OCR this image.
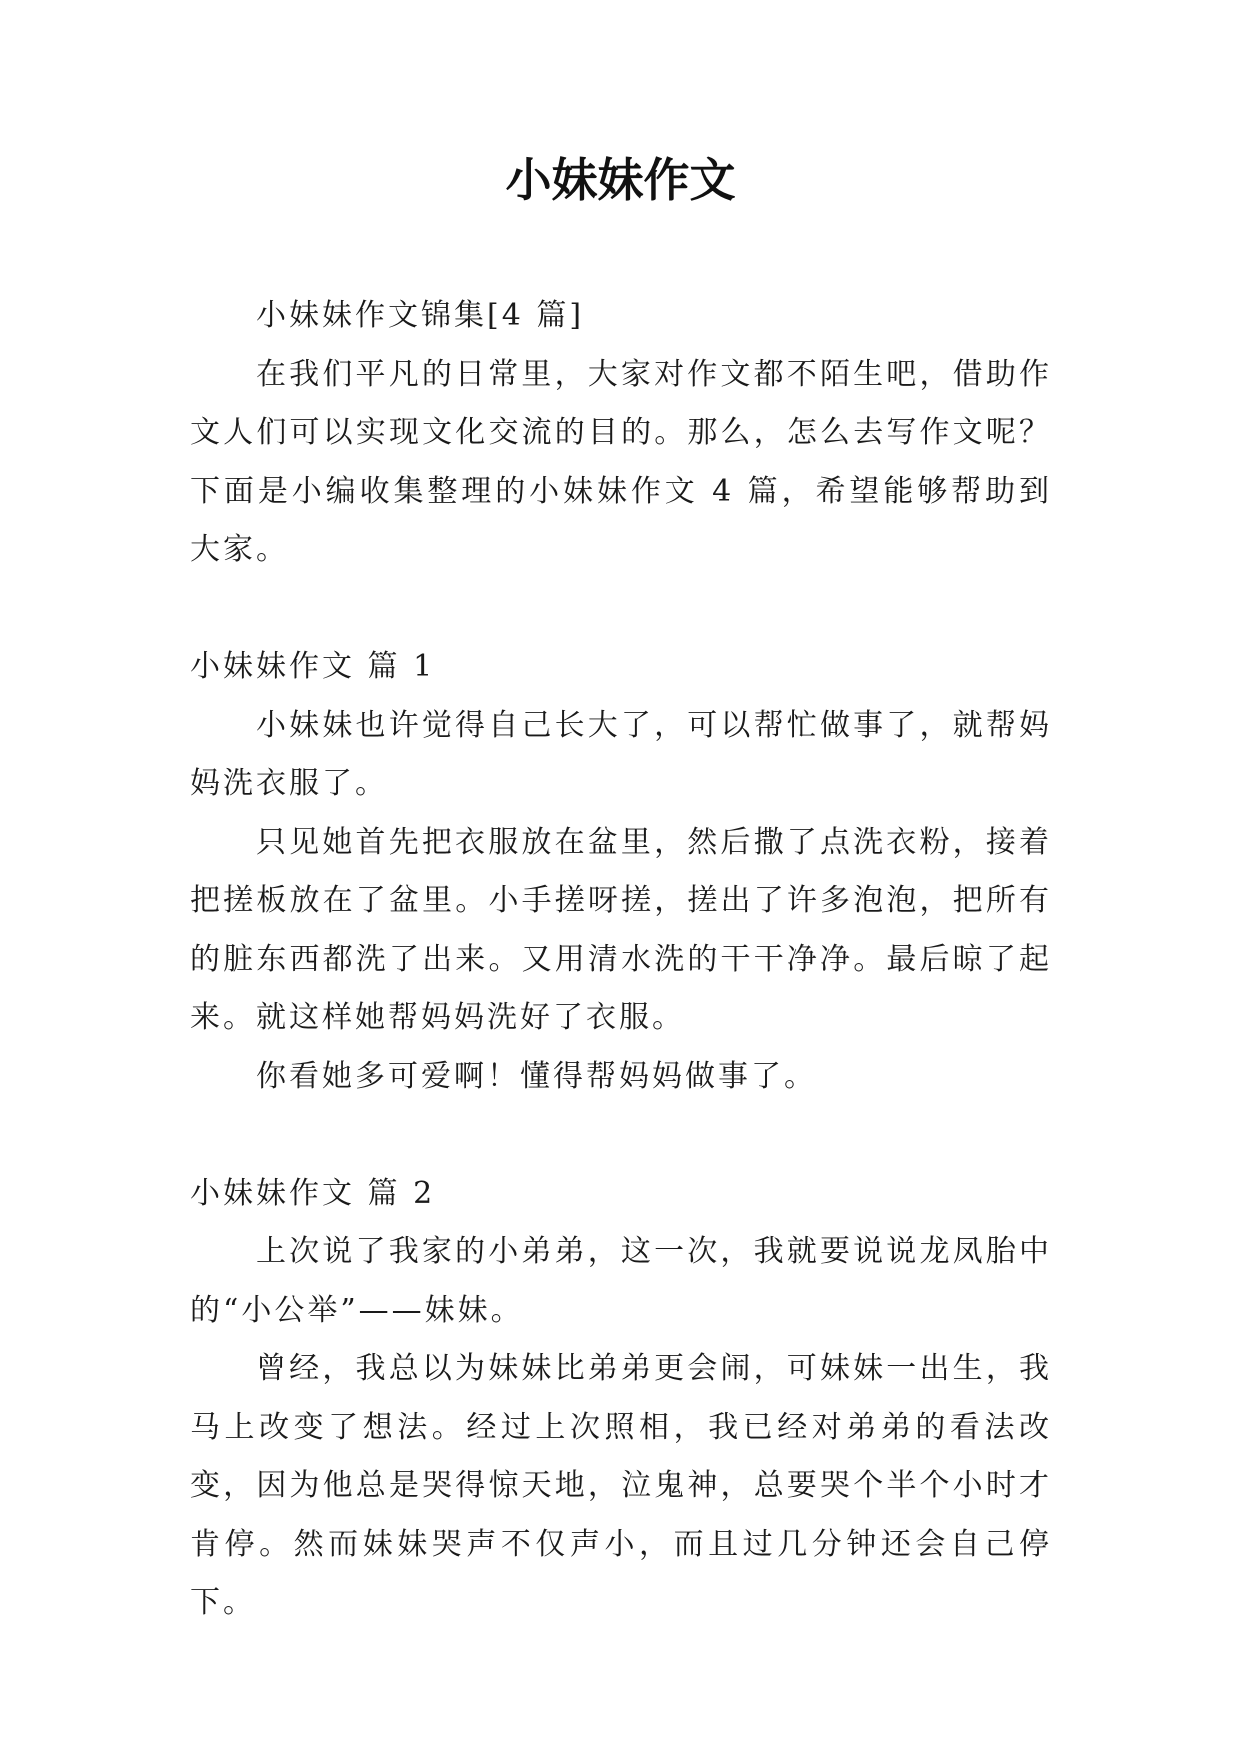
小妹妹作文

小妹妹作文锦集[4 篇]

在我们平凡的日常里，大家对作文都不陌生吧，借助作文人们可以实现文化交流的目的。那么，怎么去写作文呢？下面是小编收集整理的小妹妹作文 4 篇，希望能够帮助到大家。

小妹妹作文 篇 1

小妹妹也许觉得自己长大了，可以帮忙做事了，就帮妈妈洗衣服了。

只见她首先把衣服放在盆里，然后撒了点洗衣粉，接着把搓板放在了盆里。小手搓呀搓，搓出了许多泡泡，把所有的脏东西都洗了出来。又用清水洗的干干净净。最后晾了起来。就这样她帮妈妈洗好了衣服。

你看她多可爱啊！懂得帮妈妈做事了。

小妹妹作文 篇 2

上次说了我家的小弟弟，这一次，我就要说说龙凤胎中的“小公举”——妹妹。

曾经，我总以为妹妹比弟弟更会闹，可妹妹一出生，我马上改变了想法。经过上次照相，我已经对弟弟的看法改变，因为他总是哭得惊天地，泣鬼神，总要哭个半个小时才肯停。然而妹妹哭声不仅声小，而且过几分钟还会自己停下。
